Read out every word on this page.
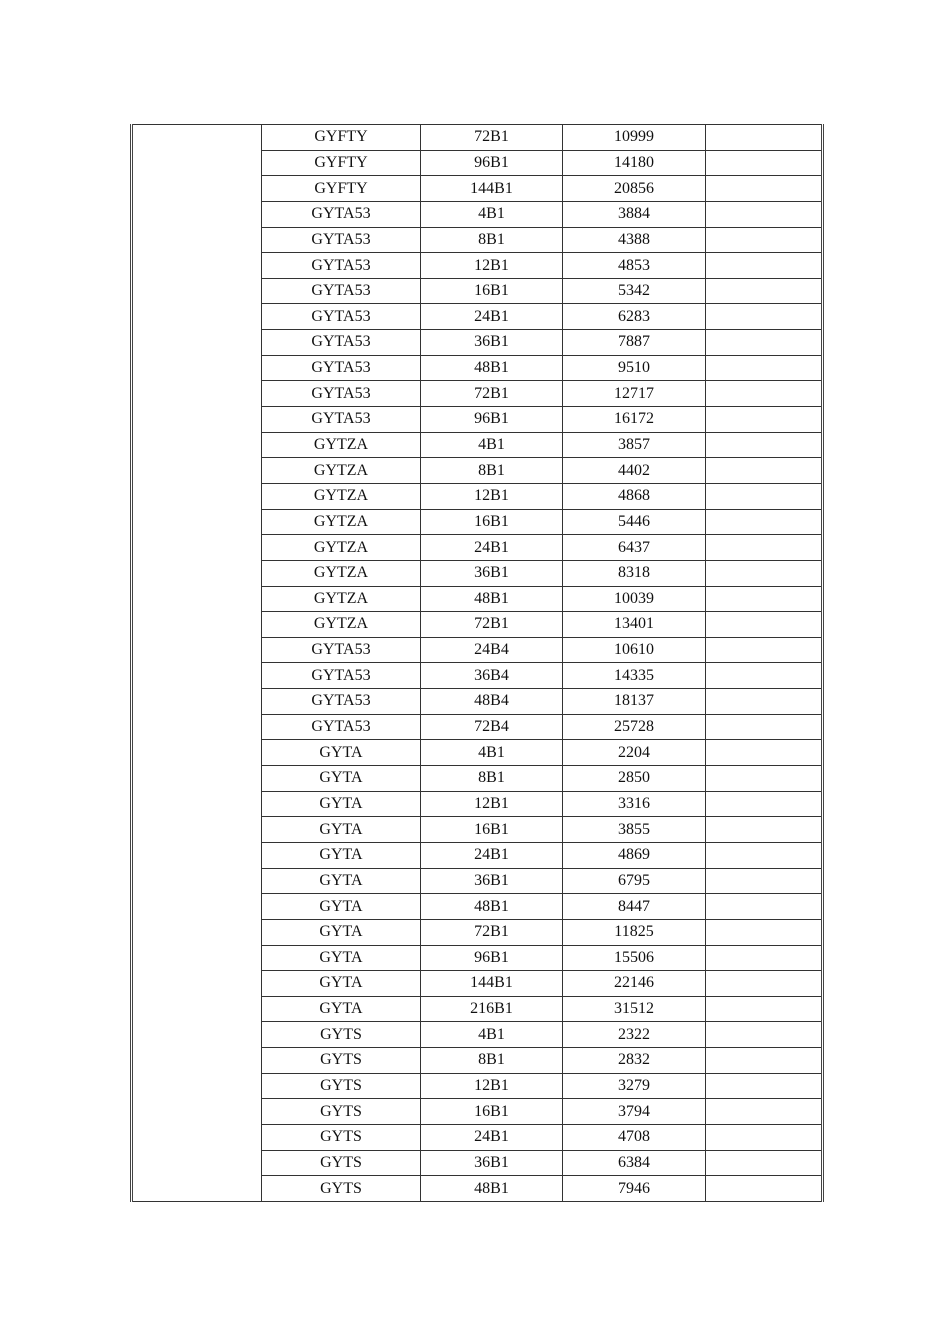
	GYFTY	72B1	10999	
	GYFTY	96B1	14180	
	GYFTY	144B1	20856	
	GYTA53	4B1	3884	
	GYTA53	8B1	4388	
	GYTA53	12B1	4853	
	GYTA53	16B1	5342	
	GYTA53	24B1	6283	
	GYTA53	36B1	7887	
	GYTA53	48B1	9510	
	GYTA53	72B1	12717	
	GYTA53	96B1	16172	
	GYTZA	4B1	3857	
	GYTZA	8B1	4402	
	GYTZA	12B1	4868	
	GYTZA	16B1	5446	
	GYTZA	24B1	6437	
	GYTZA	36B1	8318	
	GYTZA	48B1	10039	
	GYTZA	72B1	13401	
	GYTA53	24B4	10610	
	GYTA53	36B4	14335	
	GYTA53	48B4	18137	
	GYTA53	72B4	25728	
	GYTA	4B1	2204	
	GYTA	8B1	2850	
	GYTA	12B1	3316	
	GYTA	16B1	3855	
	GYTA	24B1	4869	
	GYTA	36B1	6795	
	GYTA	48B1	8447	
	GYTA	72B1	11825	
	GYTA	96B1	15506	
	GYTA	144B1	22146	
	GYTA	216B1	31512	
	GYTS	4B1	2322	
	GYTS	8B1	2832	
	GYTS	12B1	3279	
	GYTS	16B1	3794	
	GYTS	24B1	4708	
	GYTS	36B1	6384	
	GYTS	48B1	7946	
